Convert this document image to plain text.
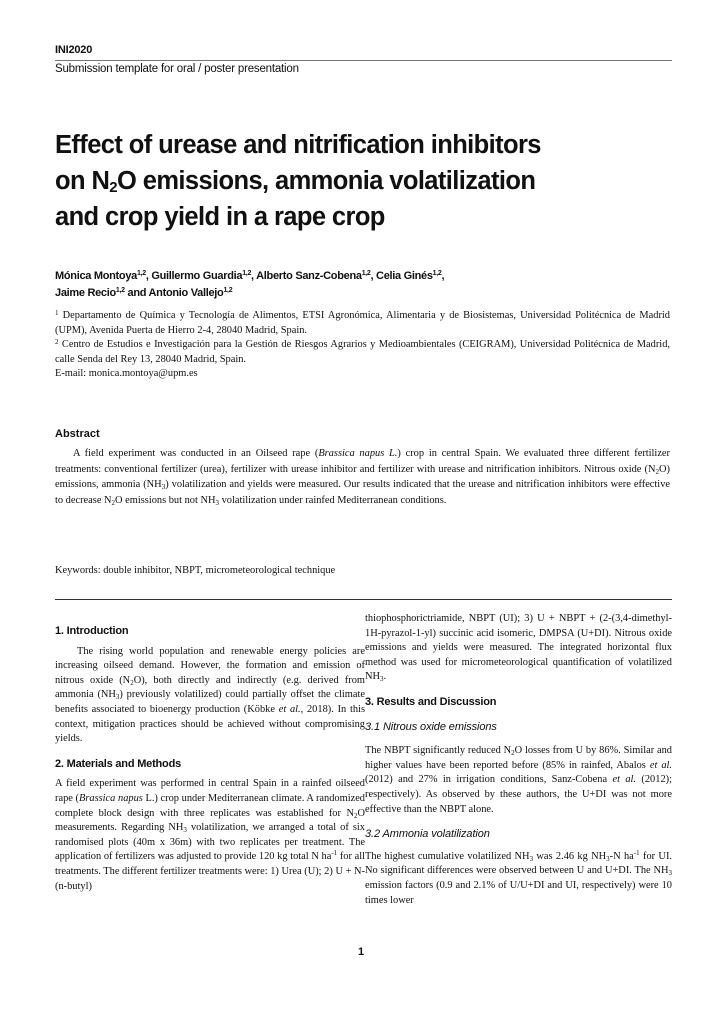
INI2020
Submission template for oral / poster presentation
Effect of urease and nitrification inhibitors
on $N_2O$ emissions, ammonia volatilization
and crop yield in a rape crop
Mónica Montoya$^{1,2}$, Guillermo Guardia$^{1,2}$, Alberto Sanz-Cobena$^{1,2}$, Celia Ginés$^{1,2}$,
Jaime Recio$^{1,2}$ and Antonio Vallejo$^{1,2}$

$^1$ Departamento de Química y Tecnología de Alimentos, ETSI Agronómica, Alimentaria y de Biosistemas, Universidad Politécnica de Madrid (UPM), Avenida Puerta de Hierro 2-4, 28040 Madrid, Spain.

$^2$ Centro de Estudios e Investigación para la Gestión de Riesgos Agrarios y Medioambientales (CEIGRAM), Universidad Politécnica de Madrid, calle Senda del Rey 13, 28040 Madrid, Spain.

E-mail: monica.montoya@upm.es

Abstract

A field experiment was conducted in an Oilseed rape (Brassica napus L.) crop in central Spain. We evaluated three different fertilizer treatments: conventional fertilizer (urea), fertilizer with urease inhibitor and fertilizer with urease and nitrification inhibitors. Nitrous oxide $(N_2O)$ emissions, ammonia $(NH_3)$ volatilization and yields were measured. Our results indicated that the urease and nitrification inhibitors were effective to decrease $N_2O$ emissions but not $NH_3$ volatilization under rainfed Mediterranean conditions.

Keywords: double inhibitor, NBPT, micrometeorological technique
1. Introduction

The rising world population and renewable energy policies are increasing oilseed demand. However, the formation and emission of nitrous oxide $(N_2O)$, both directly and indirectly (e.g. derived from ammonia $(NH_3)$ previously volatilized) could partially offset the climate benefits associated to bioenergy production (Köbke et al., 2018). In this context, mitigation practices should be achieved without compromising yields.

2. Materials and Methods

A field experiment was performed in central Spain in a rainfed oilseed rape (Brassica napus L.) crop under Mediterranean climate. A randomized complete block design with three replicates was established for $N_2O$ measurements. Regarding $NH_3$ volatilization, we arranged a total of six randomised plots (40m x 36m) with two replicates per treatment. The application of fertilizers was adjusted to provide 120 kg total N $ha^{-1}$ for all treatments. The different fertilizer treatments were: 1) Urea (U); 2) U + N-(n-butyl)

thiophosphorictriamide, NBPT (UI); 3) U + NBPT + (2-(3,4-dimethyl-1H-pyrazol-1-yl) succinic acid isomeric, DMPSA (U+DI). Nitrous oxide emissions and yields were measured. The integrated horizontal flux method was used for micrometeorological quantification of volatilized $NH_3$.

3. Results and Discussion
3.1 Nitrous oxide emissions

The NBPT significantly reduced $N_2O$ losses from U by 86%. Similar and higher values have been reported before (85% in rainfed, Abalos et al. (2012) and 27% in irrigation conditions, Sanz-Cobena et al. (2012); respectively). As observed by these authors, the U+DI was not more effective than the NBPT alone.

3.2 Ammonia volatilization

The highest cumulative volatilized $NH_3$ was 2.46 kg $NH_3-N$ $ha^{-1}$ for UI. No significant differences were observed between U and U+DI. The $NH_3$ emission factors (0.9 and 2.1% of U/U+DI and UI, respectively) were 10 times lower

1
